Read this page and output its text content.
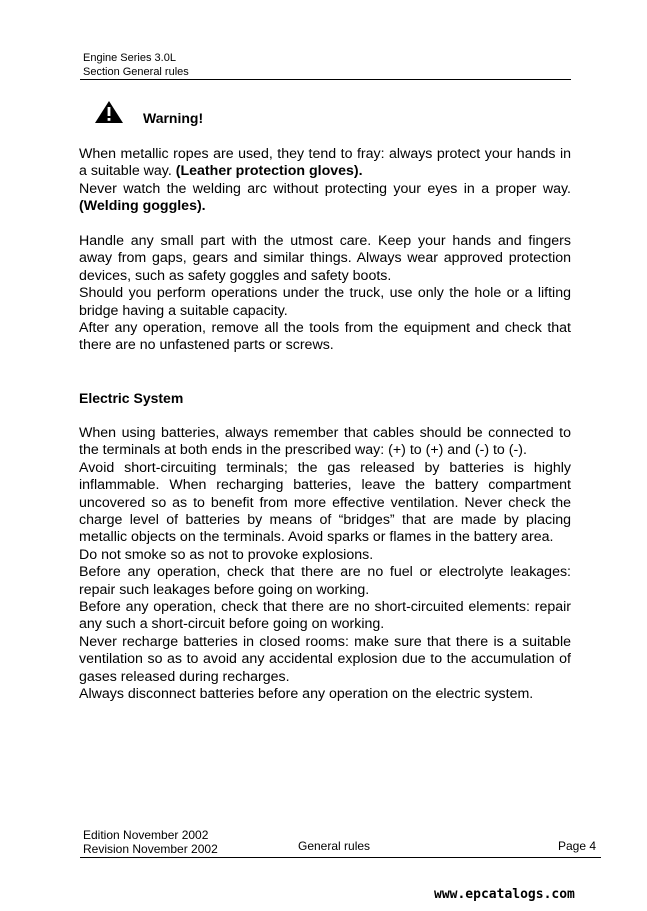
Engine Series 3.0L
Section General rules
Warning!
When metallic ropes are used, they tend to fray: always protect your hands in a suitable way. (Leather protection gloves).
Never watch the welding arc without protecting your eyes in a proper way. (Welding goggles).
Handle any small part with the utmost care. Keep your hands and fingers away from gaps, gears and similar things. Always wear approved protection devices, such as safety goggles and safety boots.
Should you perform operations under the truck, use only the hole or a lifting bridge having a suitable capacity.
After any operation, remove all the tools from the equipment and check that there are no unfastened parts or screws.
Electric System
When using batteries, always remember that cables should be connected to the terminals at both ends in the prescribed way: (+) to (+) and (-) to (-).
Avoid short-circuiting terminals; the gas released by batteries is highly inflammable. When recharging batteries, leave the battery compartment uncovered so as to benefit from more effective ventilation. Never check the charge level of batteries by means of “bridges” that are made by placing metallic objects on the terminals. Avoid sparks or flames in the battery area.
Do not smoke so as not to provoke explosions.
Before any operation, check that there are no fuel or electrolyte leakages: repair such leakages before going on working.
Before any operation, check that there are no short-circuited elements: repair any such a short-circuit before going on working.
Never recharge batteries in closed rooms: make sure that there is a suitable ventilation so as to avoid any accidental explosion due to the accumulation of gases released during recharges.
Always disconnect batteries before any operation on the electric system.
Edition November 2002
Revision November 2002	General rules	Page 4
www.epcatalogs.com
